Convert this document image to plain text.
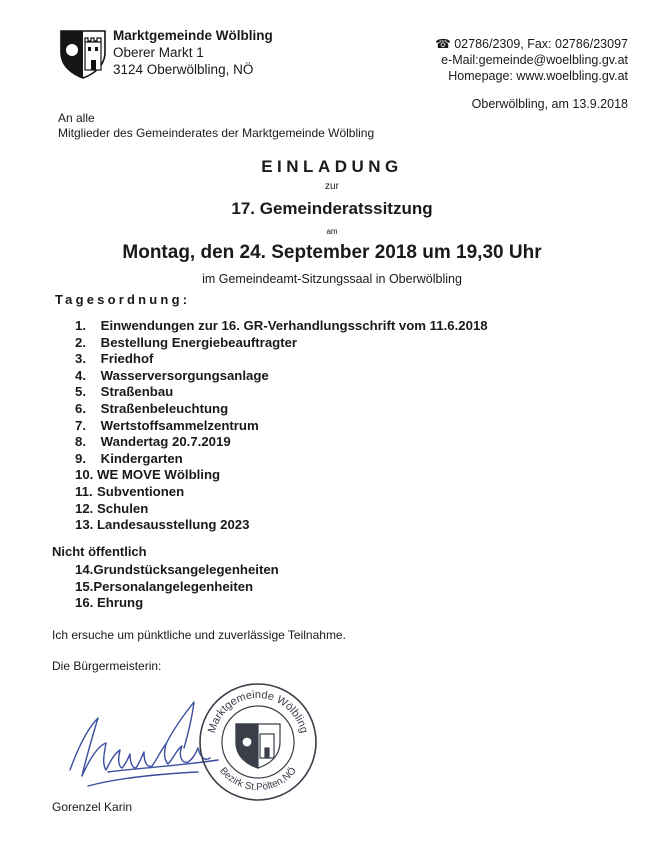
Marktgemeinde Wölbling
Oberer Markt 1
3124 Oberwölbling, NÖ
☎ 02786/2309, Fax: 02786/23097
e-Mail:gemeinde@woelbling.gv.at
Homepage: www.woelbling.gv.at
Oberwölbling, am 13.9.2018
An alle
Mitglieder des Gemeinderates der Marktgemeinde Wölbling
EINLADUNG
zur
17. Gemeinderatssitzung
am
Montag, den 24. September 2018 um 19,30 Uhr
im Gemeindeamt-Sitzungssaal in Oberwölbling
Tagesordnung:
1. Einwendungen zur 16. GR-Verhandlungsschrift vom 11.6.2018
2. Bestellung Energiebeauftragter
3. Friedhof
4. Wasserversorgungsanlage
5. Straßenbau
6. Straßenbeleuchtung
7. Wertstoffsammelzentrum
8. Wandertag 20.7.2019
9. Kindergarten
10. WE MOVE Wölbling
11. Subventionen
12. Schulen
13. Landesausstellung 2023
Nicht öffentlich
14.Grundstücksangelegenheiten
15.Personalangelegenheiten
16. Ehrung
Ich ersuche um pünktliche und zuverlässige Teilnahme.
Die Bürgermeisterin:
Gorenzel Karin
Marktgemeinde Wölbling
Bezirk St.Pölten,NÖ
